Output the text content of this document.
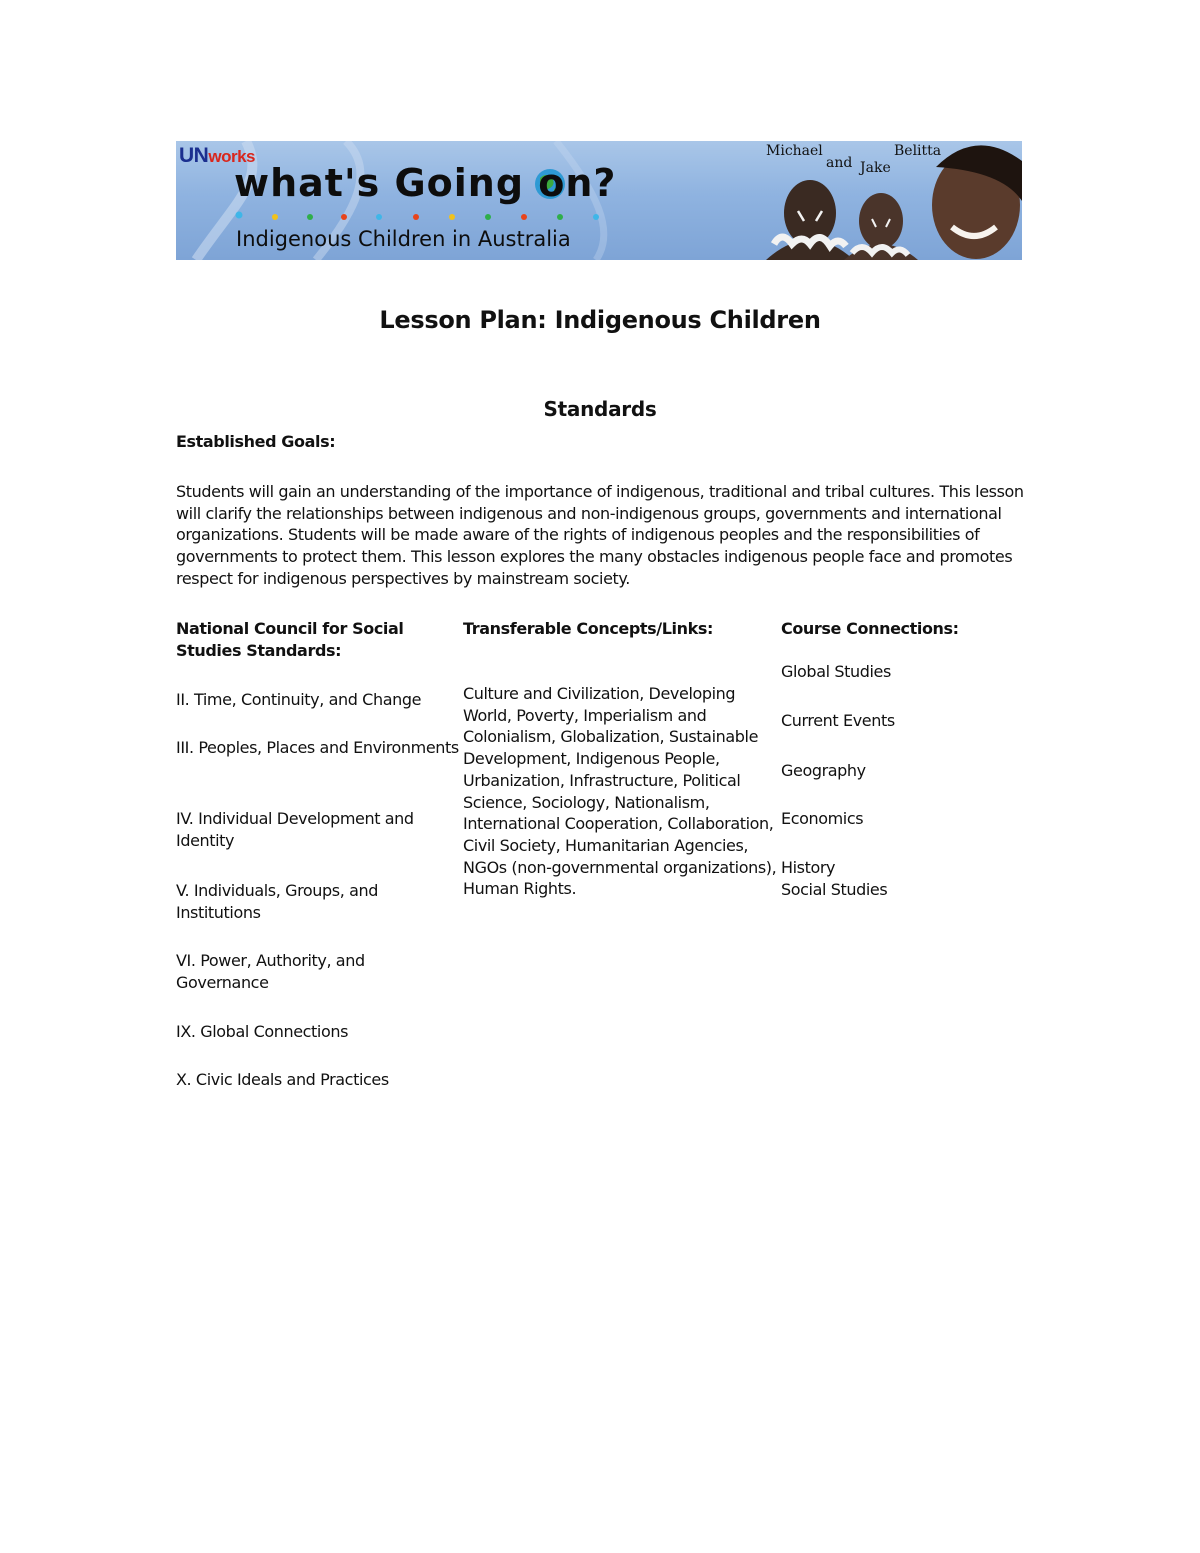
UNworks
what's Going on?
Indigenous Children in Australia
Michael
and Jake
Belitta
Lesson Plan: Indigenous Children
Standards
Established Goals:
Students will gain an understanding of the importance of indigenous, traditional and tribal cultures. This lesson will clarify the relationships between indigenous and non-indigenous groups, governments and international organizations. Students will be made aware of the rights of indigenous peoples and the responsibilities of governments to protect them. This lesson explores the many obstacles indigenous people face and promotes respect for indigenous perspectives by mainstream society.
National Council for Social Studies Standards:
Transferable Concepts/Links:	Course Connections:
II. Time, Continuity, and Change
III. Peoples, Places and Environments
IV. Individual Development and Identity
V. Individuals, Groups, and Institutions
VI. Power, Authority, and Governance
IX. Global Connections
X. Civic Ideals and Practices
Culture and Civilization, Developing World, Poverty, Imperialism and Colonialism, Globalization, Sustainable Development, Indigenous People, Urbanization, Infrastructure, Political Science, Sociology, Nationalism, International Cooperation, Collaboration, Civil Society, Humanitarian Agencies, NGOs (non-governmental organizations), Human Rights.
Global Studies
Current Events
Geography
Economics
History
Social Studies
